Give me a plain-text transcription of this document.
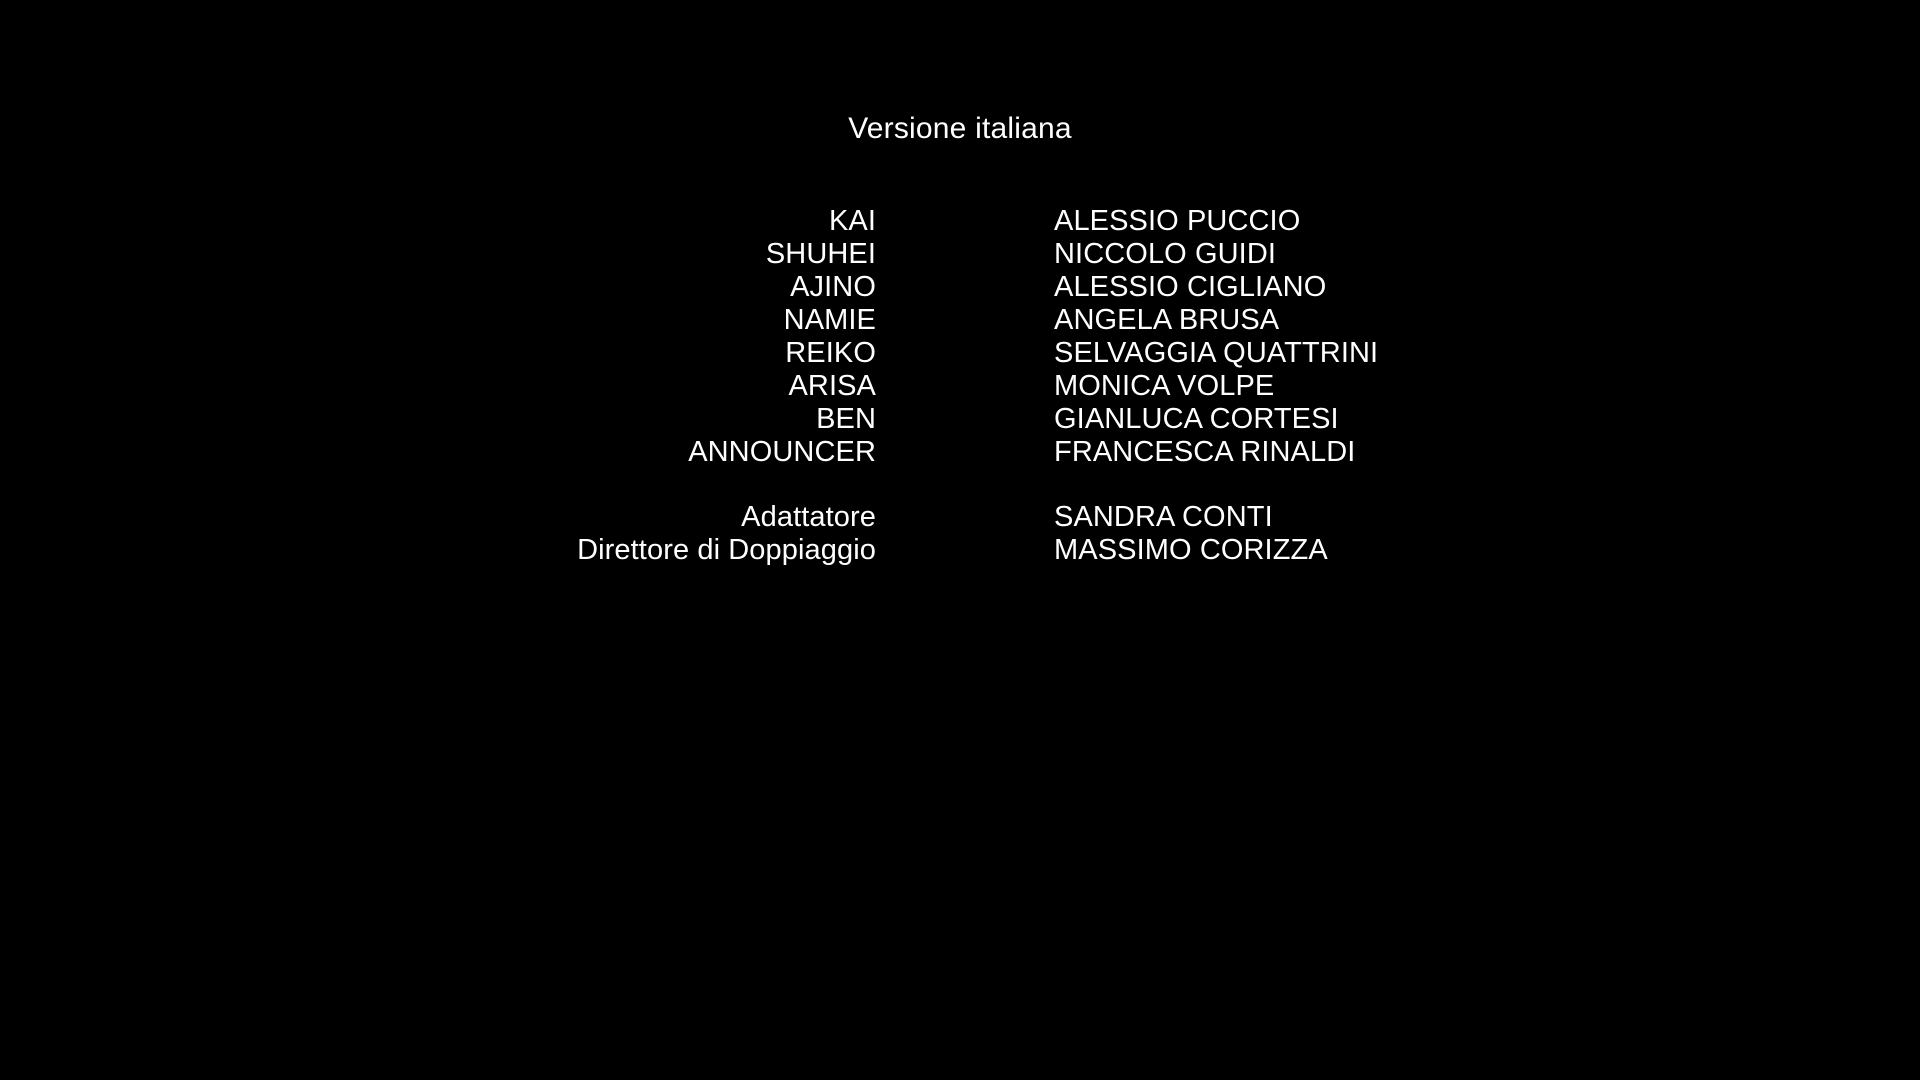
Versione italiana
KAI	ALESSIO PUCCIO
SHUHEI	NICCOLO GUIDI
AJINO	ALESSIO CIGLIANO
NAMIE	ANGELA BRUSA
REIKO	SELVAGGIA QUATTRINI
ARISA	MONICA VOLPE
BEN	GIANLUCA CORTESI
ANNOUNCER	FRANCESCA RINALDI
Adattatore	SANDRA CONTI
Direttore di Doppiaggio	MASSIMO CORIZZA
